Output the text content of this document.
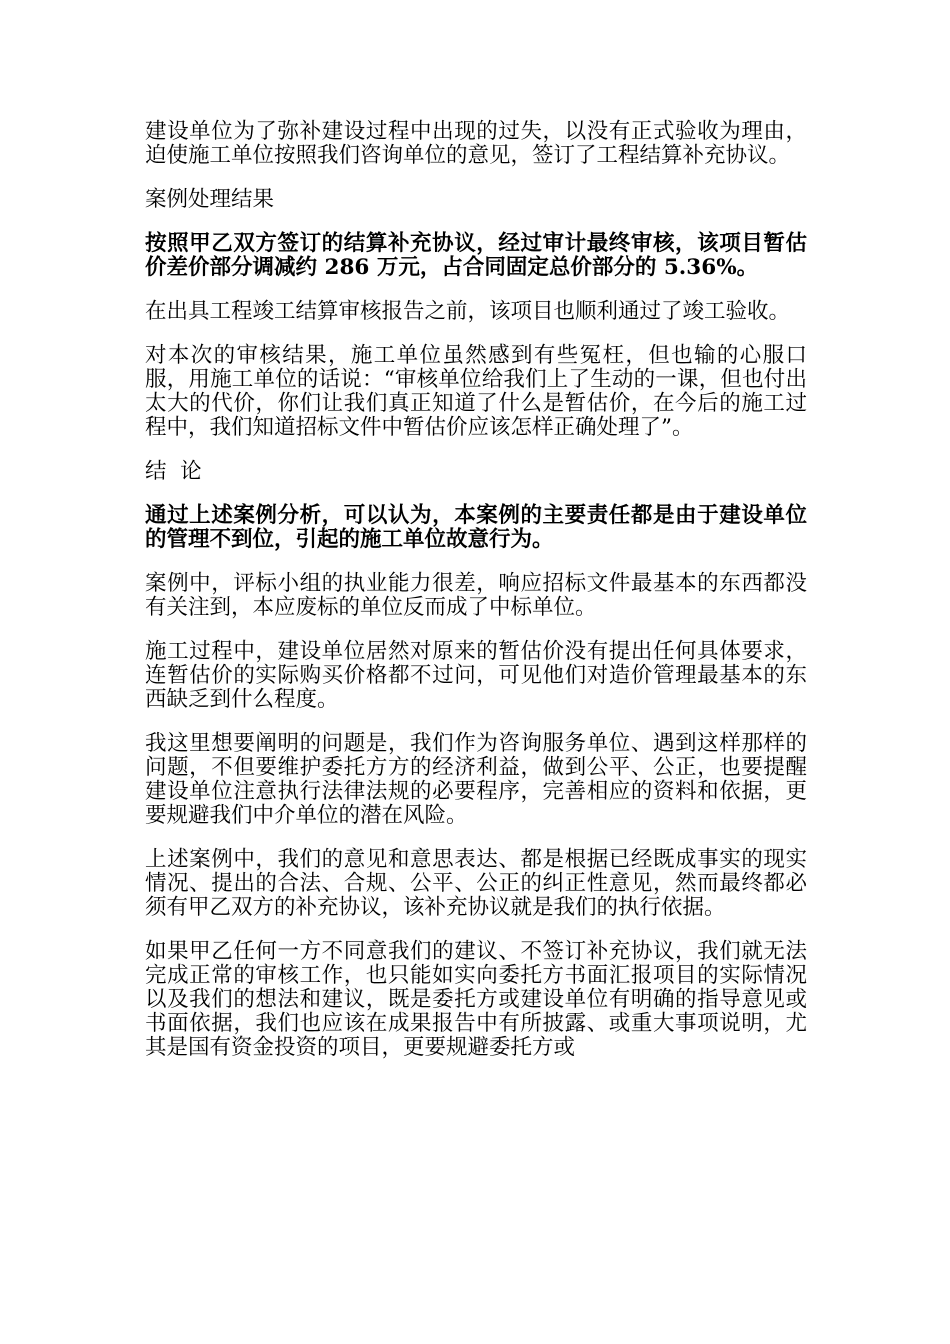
建设单位为了弥补建设过程中出现的过失，以没有正式验收为理由，迫使施工单位按照我们咨询单位的意见，签订了工程结算补充协议。

案例处理结果

按照甲乙双方签订的结算补充协议，经过审计最终审核，该项目暂估价差价部分调减约 286 万元，占合同固定总价部分的 5.36%。

在出具工程竣工结算审核报告之前，该项目也顺利通过了竣工验收。

对本次的审核结果，施工单位虽然感到有些冤枉，但也输的心服口服，用施工单位的话说：“审核单位给我们上了生动的一课，但也付出太大的代价，你们让我们真正知道了什么是暂估价，在今后的施工过程中，我们知道招标文件中暂估价应该怎样正确处理了”。

结  论

通过上述案例分析，可以认为，本案例的主要责任都是由于建设单位的管理不到位，引起的施工单位故意行为。

案例中，评标小组的执业能力很差，响应招标文件最基本的东西都没有关注到，本应废标的单位反而成了中标单位。

施工过程中，建设单位居然对原来的暂估价没有提出任何具体要求，连暂估价的实际购买价格都不过问，可见他们对造价管理最基本的东西缺乏到什么程度。

我这里想要阐明的问题是，我们作为咨询服务单位、遇到这样那样的问题，不但要维护委托方方的经济利益，做到公平、公正，也要提醒建设单位注意执行法律法规的必要程序，完善相应的资料和依据，更要规避我们中介单位的潜在风险。

上述案例中，我们的意见和意思表达、都是根据已经既成事实的现实情况、提出的合法、合规、公平、公正的纠正性意见，然而最终都必须有甲乙双方的补充协议，该补充协议就是我们的执行依据。

如果甲乙任何一方不同意我们的建议、不签订补充协议，我们就无法完成正常的审核工作，也只能如实向委托方书面汇报项目的实际情况以及我们的想法和建议，既是委托方或建设单位有明确的指导意见或书面依据，我们也应该在成果报告中有所披露、或重大事项说明，尤其是国有资金投资的项目，更要规避委托方或
